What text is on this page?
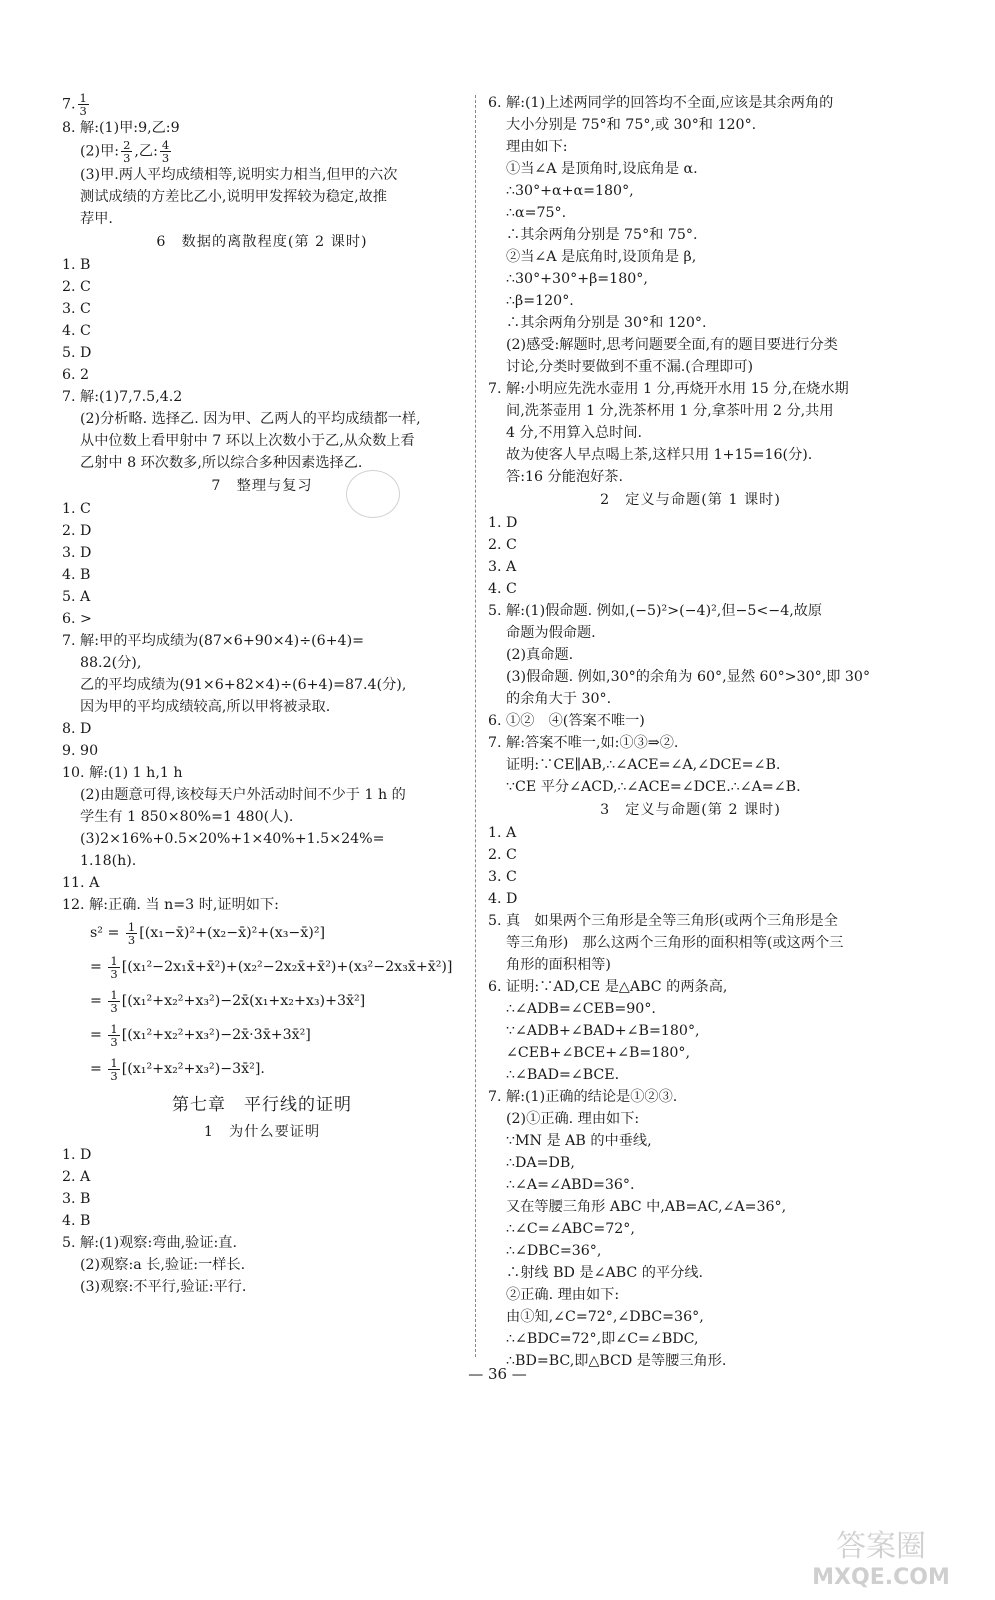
7. $\frac{1}{3}$
8. 解:(1)甲:9,乙:9
(2)甲: $\frac{2}{3}$ ,乙: $\frac{4}{3}$
(3)甲.两人平均成绩相等,说明实力相当,但甲的六次
测试成绩的方差比乙小,说明甲发挥较为稳定,故推
荐甲.
6　数据的离散程度(第 2 课时)
1. B
2. C
3. C
4. C
5. D
6. 2
7. 解:(1)7,7.5,4.2
(2)分析略. 选择乙. 因为甲、乙两人的平均成绩都一样,
从中位数上看甲射中 7 环以上次数小于乙,从众数上看
乙射中 8 环次数多,所以综合多种因素选择乙.
7　整理与复习
1. C
2. D
3. D
4. B
5. A
6. >
7. 解:甲的平均成绩为(87×6+90×4)÷(6+4)=
88.2(分),
乙的平均成绩为(91×6+82×4)÷(6+4)=87.4(分),
因为甲的平均成绩较高,所以甲将被录取.
8. D
9. 90
10. 解:(1) 1 h,1 h
(2)由题意可得,该校每天户外活动时间不少于 1 h 的
学生有 1 850×80%=1 480(人).
(3)2×16%+0.5×20%+1×40%+1.5×24%=
1.18(h).
11. A
12. 解:正确. 当 n=3 时,证明如下:
$s^2 = \frac{1}{3}$ [(x₁−x̄)²+(x₂−x̄)²+(x₃−x̄)²]
= $\frac{1}{3}$ [(x₁²−2x₁x̄+x̄²)+(x₂²−2x₂x̄+x̄²)+(x₃²−2x₃x̄+x̄²)]
= $\frac{1}{3}$ [(x₁²+x₂²+x₃²)−2x̄(x₁+x₂+x₃)+3x̄²]
= $\frac{1}{3}$ [(x₁²+x₂²+x₃²)−2x̄·3x̄+3x̄²]
= $\frac{1}{3}$ [(x₁²+x₂²+x₃²)−3x̄²].
第七章　平行线的证明
1　为什么要证明
1. D
2. A
3. B
4. B
5. 解:(1)观察:弯曲,验证:直.
(2)观察:a 长,验证:一样长.
(3)观察:不平行,验证:平行.
6. 解:(1)上述两同学的回答均不全面,应该是其余两角的
大小分别是 75°和 75°,或 30°和 120°.
理由如下:
①当∠A 是顶角时,设底角是 α.
∴30°+α+α=180°,
∴α=75°.
∴其余两角分别是 75°和 75°.
②当∠A 是底角时,设顶角是 β,
∴30°+30°+β=180°,
∴β=120°.
∴其余两角分别是 30°和 120°.
(2)感受:解题时,思考问题要全面,有的题目要进行分类
讨论,分类时要做到不重不漏.(合理即可)
7. 解:小明应先洗水壶用 1 分,再烧开水用 15 分,在烧水期
间,洗茶壶用 1 分,洗茶杯用 1 分,拿茶叶用 2 分,共用
4 分,不用算入总时间.
故为使客人早点喝上茶,这样只用 1+15=16(分).
答:16 分能泡好茶.
2　定义与命题(第 1 课时)
1. D
2. C
3. A
4. C
5. 解:(1)假命题. 例如,(−5)²>(−4)²,但−5<−4,故原
命题为假命题.
(2)真命题.
(3)假命题. 例如,30°的余角为 60°,显然 60°>30°,即 30°
的余角大于 30°.
6. ①②　④(答案不唯一)
7. 解:答案不唯一,如:①③⇒②.
证明:∵CE∥AB,∴∠ACE=∠A,∠DCE=∠B.
∵CE 平分∠ACD,∴∠ACE=∠DCE.∴∠A=∠B.
3　定义与命题(第 2 课时)
1. A
2. C
3. C
4. D
5. 真　如果两个三角形是全等三角形(或两个三角形是全
等三角形)　那么这两个三角形的面积相等(或这两个三
角形的面积相等)
6. 证明:∵AD,CE 是△ABC 的两条高,
∴∠ADB=∠CEB=90°.
∵∠ADB+∠BAD+∠B=180°,
∠CEB+∠BCE+∠B=180°,
∴∠BAD=∠BCE.
7. 解:(1)正确的结论是①②③.
(2)①正确. 理由如下:
∵MN 是 AB 的中垂线,
∴DA=DB,
∴∠A=∠ABD=36°.
又在等腰三角形 ABC 中,AB=AC,∠A=36°,
∴∠C=∠ABC=72°,
∴∠DBC=36°,
∴射线 BD 是∠ABC 的平分线.
②正确. 理由如下:
由①知,∠C=72°,∠DBC=36°,
∴∠BDC=72°,即∠C=∠BDC,
∴BD=BC,即△BCD 是等腰三角形.
— 36 —
答案圈
MXQE.COM
